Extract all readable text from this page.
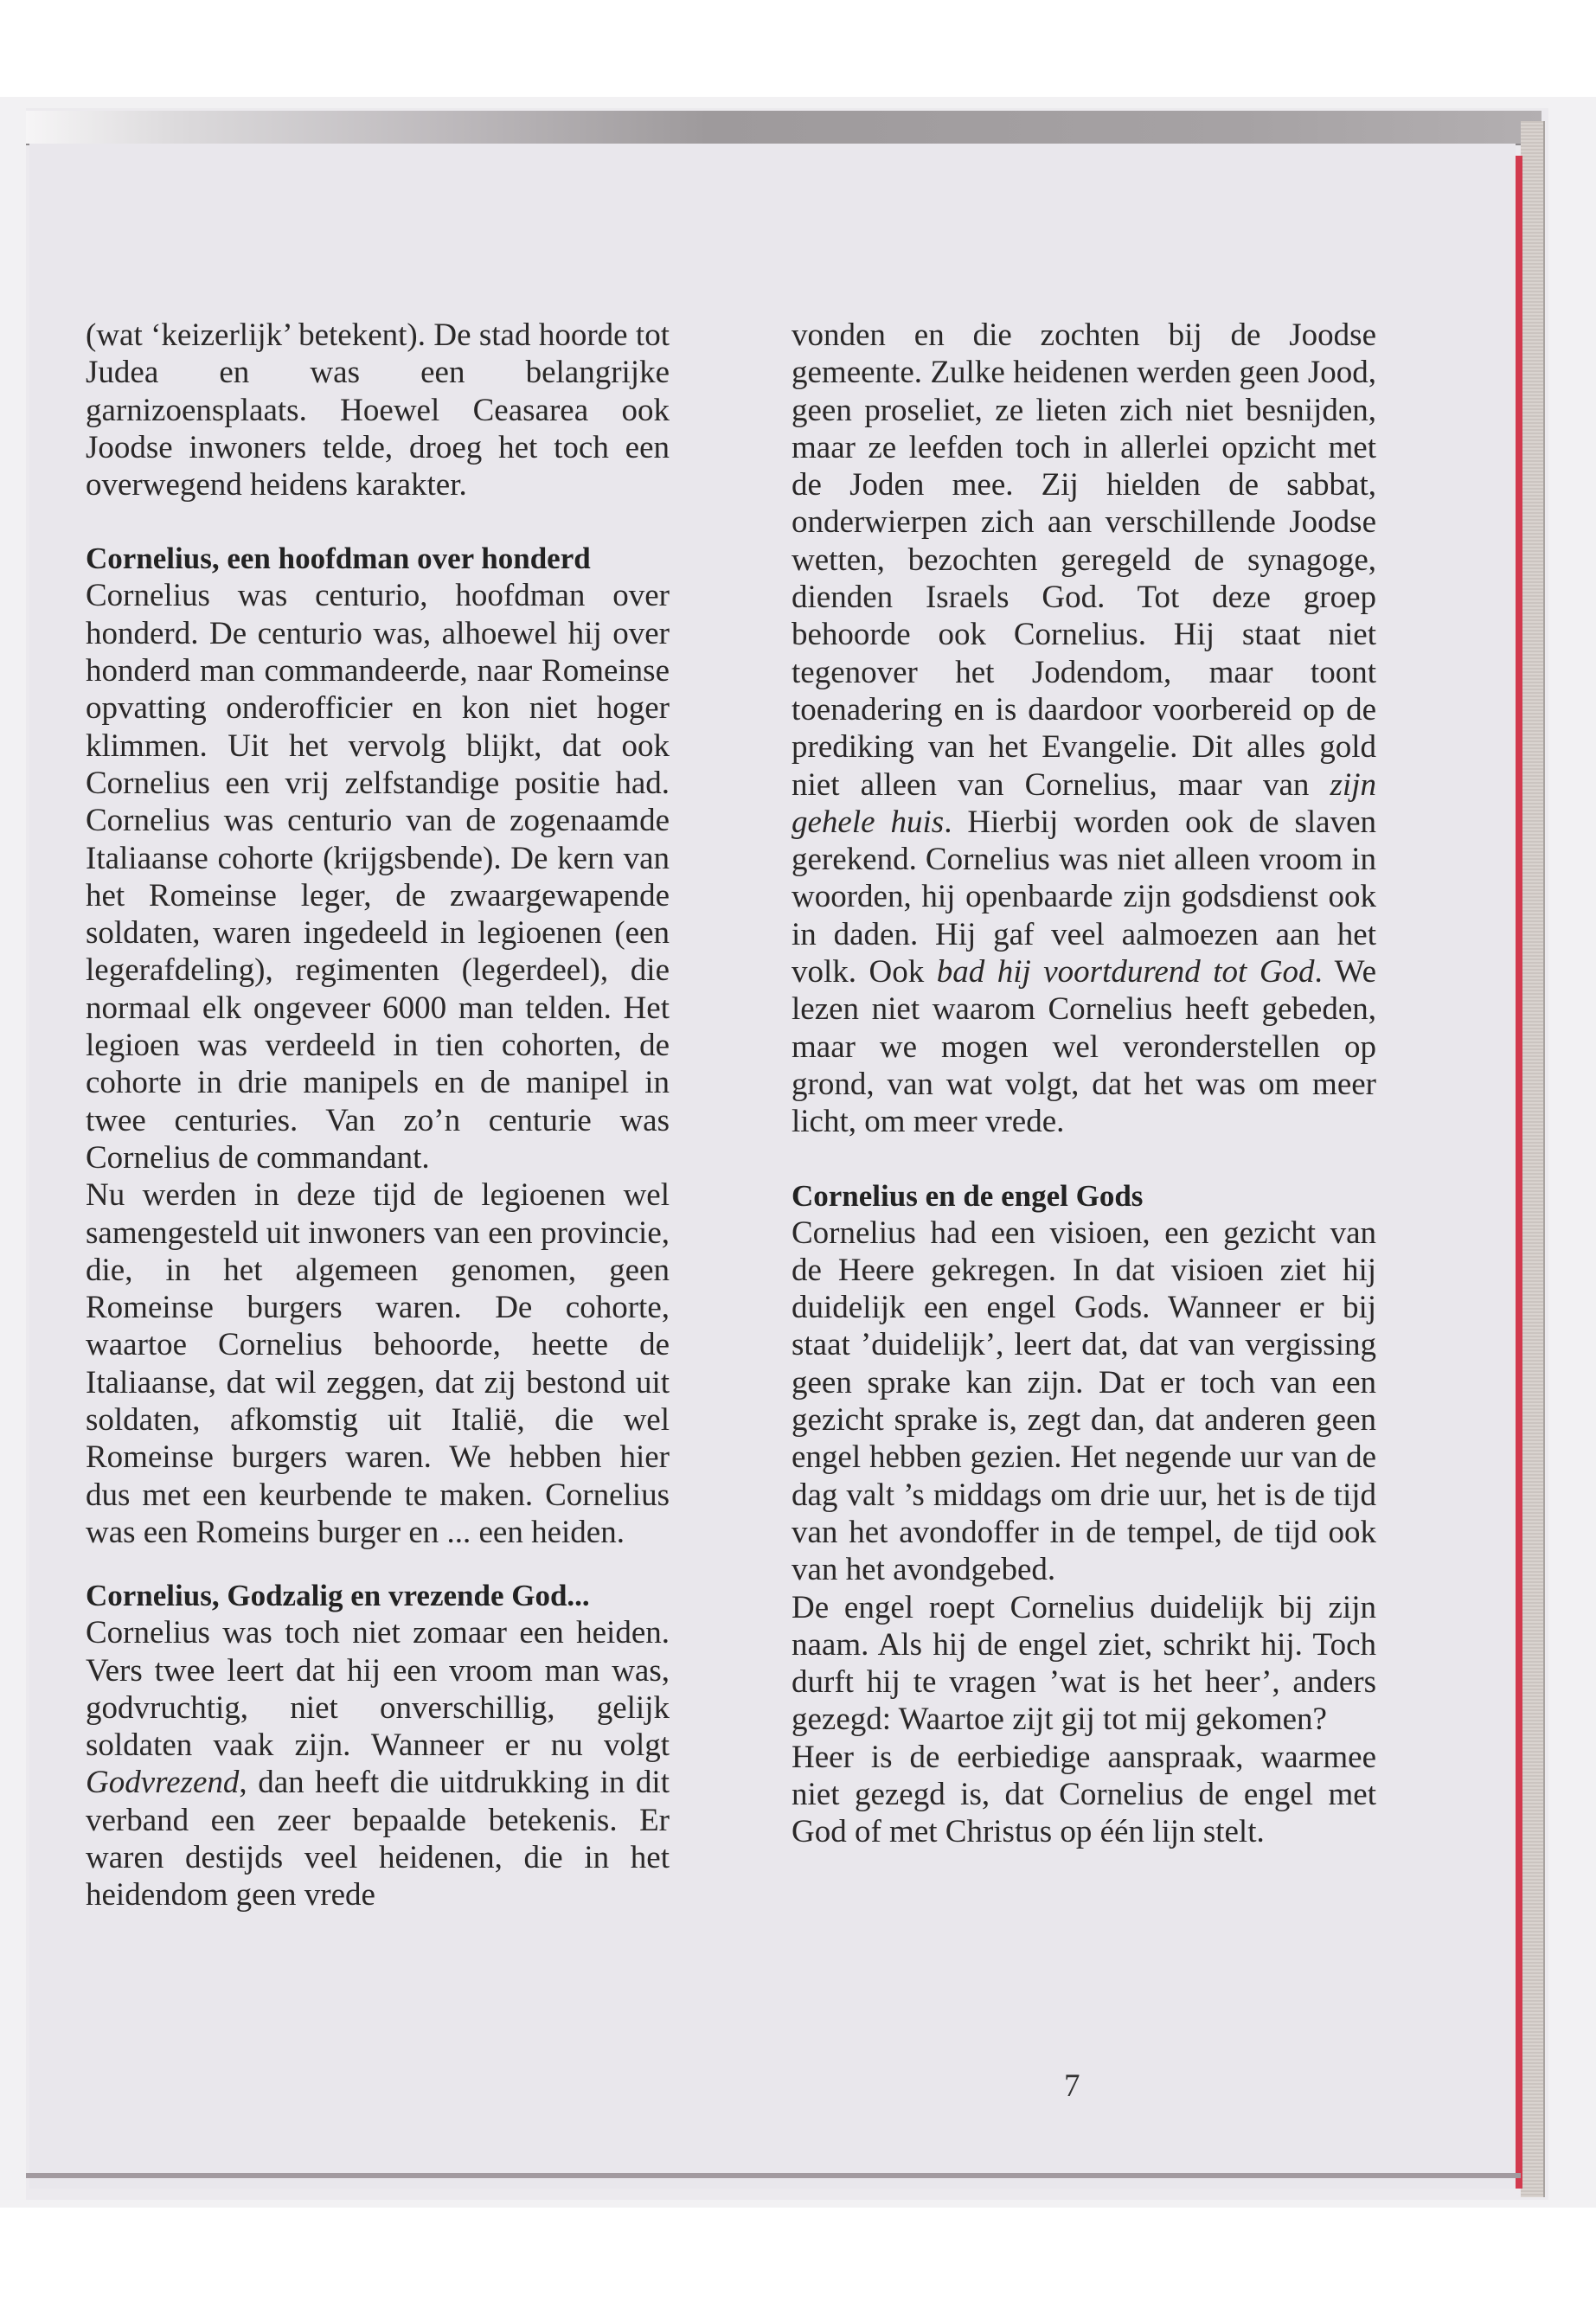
(wat ‘keizerlijk’ betekent). De stad hoorde tot Judea en was een belangrijke garnizoensplaats. Hoewel Ceasarea ook Joodse inwoners telde, droeg het toch een overwegend heidens karakter.

Cornelius, een hoofdman over honderd

Cornelius was centurio, hoofdman over honderd. De centurio was, alhoewel hij over honderd man commandeerde, naar Romeinse opvatting onderofficier en kon niet hoger klimmen. Uit het vervolg blijkt, dat ook Cornelius een vrij zelfstandige positie had. Cornelius was centurio van de zogenaamde Italiaanse cohorte (krijgsbende). De kern van het Romeinse leger, de zwaargewapende soldaten, waren ingedeeld in legioenen (een legerafdeling), regimenten (legerdeel), die normaal elk ongeveer 6000 man telden. Het legioen was verdeeld in tien cohorten, de cohorte in drie manipels en de manipel in twee centuries. Van zo’n centurie was Cornelius de commandant.

Nu werden in deze tijd de legioenen wel samengesteld uit inwoners van een provincie, die, in het algemeen genomen, geen Romeinse burgers waren. De cohorte, waartoe Cornelius behoorde, heette de Italiaanse, dat wil zeggen, dat zij bestond uit soldaten, afkomstig uit Italië, die wel Romeinse burgers waren. We hebben hier dus met een keurbende te maken. Cornelius was een Romeins burger en ... een heiden.

Cornelius, Godzalig en vrezende God...

Cornelius was toch niet zomaar een heiden. Vers twee leert dat hij een vroom man was, godvruchtig, niet onverschillig, gelijk soldaten vaak zijn. Wanneer er nu volgt Godvrezend, dan heeft die uitdrukking in dit verband een zeer bepaalde betekenis. Er waren destijds veel heidenen, die in het heidendom geen vrede

vonden en die zochten bij de Joodse gemeente. Zulke heidenen werden geen Jood, geen proseliet, ze lieten zich niet besnijden, maar ze leefden toch in allerlei opzicht met de Joden mee. Zij hielden de sabbat, onderwierpen zich aan verschillende Joodse wetten, bezochten geregeld de synagoge, dienden Israels God. Tot deze groep behoorde ook Cornelius. Hij staat niet tegenover het Jodendom, maar toont toenadering en is daardoor voorbereid op de prediking van het Evangelie. Dit alles gold niet alleen van Cornelius, maar van zijn gehele huis. Hierbij worden ook de slaven gerekend. Cornelius was niet alleen vroom in woorden, hij openbaarde zijn godsdienst ook in daden. Hij gaf veel aalmoezen aan het volk. Ook bad hij voortdurend tot God. We lezen niet waarom Cornelius heeft gebeden, maar we mogen wel veronderstellen op grond, van wat volgt, dat het was om meer licht, om meer vrede.

Cornelius en de engel Gods

Cornelius had een visioen, een gezicht van de Heere gekregen. In dat visioen ziet hij duidelijk een engel Gods. Wanneer er bij staat ’duidelijk’, leert dat, dat van vergissing geen sprake kan zijn. Dat er toch van een gezicht sprake is, zegt dan, dat anderen geen engel hebben gezien. Het negende uur van de dag valt ’s middags om drie uur, het is de tijd van het avondoffer in de tempel, de tijd ook van het avondgebed.

De engel roept Cornelius duidelijk bij zijn naam. Als hij de engel ziet, schrikt hij. Toch durft hij te vragen ’wat is het heer’, anders gezegd: Waartoe zijt gij tot mij gekomen?

Heer is de eerbiedige aanspraak, waarmee niet gezegd is, dat Cornelius de engel met God of met Christus op één lijn stelt.

7
